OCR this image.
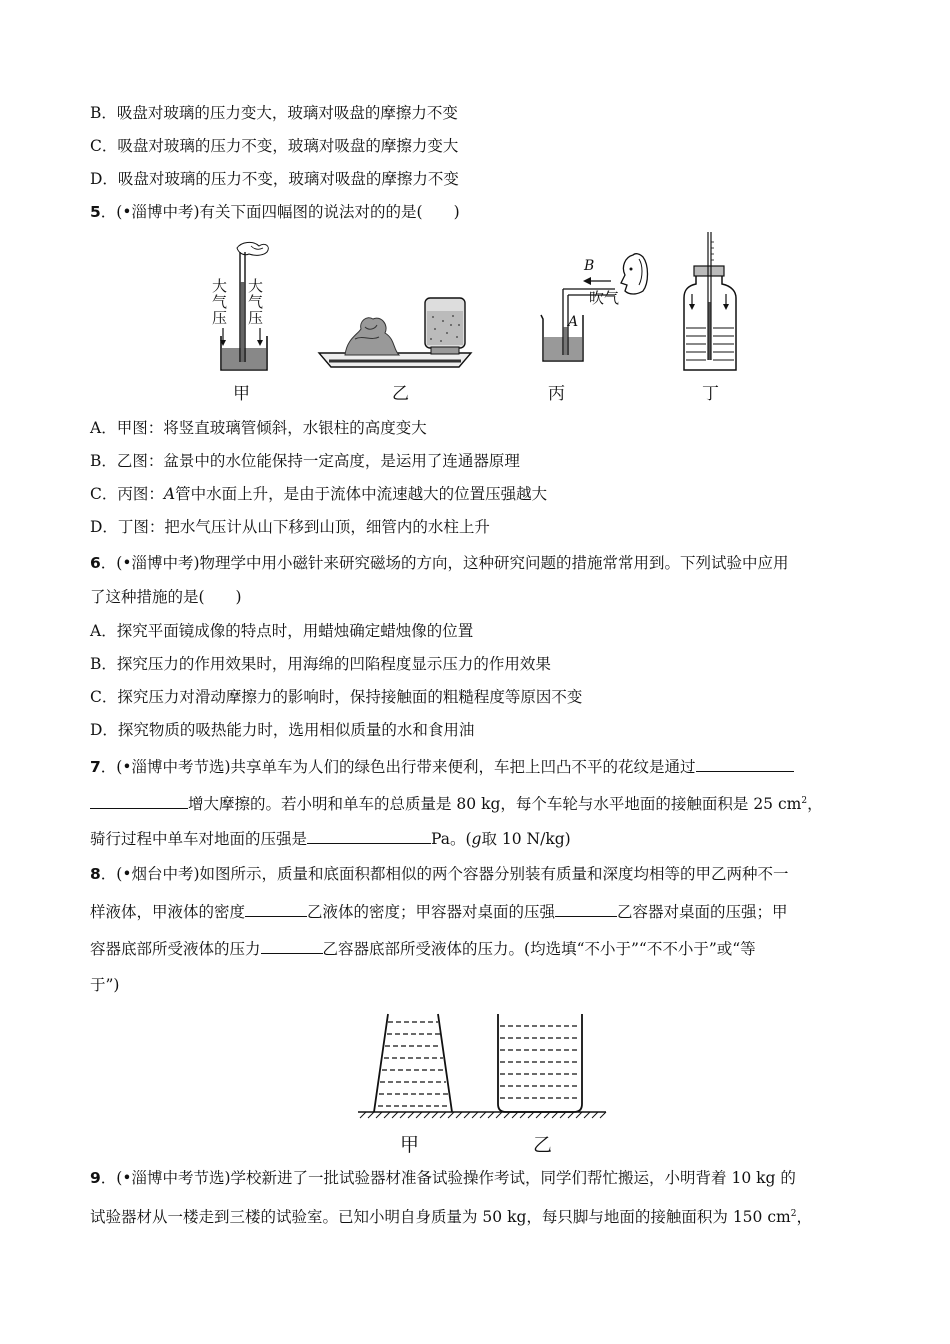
B．吸盘对玻璃的压力变大，玻璃对吸盘的摩擦力不变
C．吸盘对玻璃的压力不变，玻璃对吸盘的摩擦力变大
D．吸盘对玻璃的压力不变，玻璃对吸盘的摩擦力不变
5．(•淄博中考)有关下面四幅图的说法对的的是(　　)
大气压
大气压
B
A
吹气
甲	乙	丙	丁
A．甲图：将竖直玻璃管倾斜，水银柱的高度变大
B．乙图：盆景中的水位能保持一定高度，是运用了连通器原理
C．丙图：A管中水面上升，是由于流体中流速越大的位置压强越大
D．丁图：把水气压计从山下移到山顶，细管内的水柱上升
6．(•淄博中考)物理学中用小磁针来研究磁场的方向，这种研究问题的措施常常用到。下列试验中应用
了这种措施的是(　　)
A．探究平面镜成像的特点时，用蜡烛确定蜡烛像的位置
B．探究压力的作用效果时，用海绵的凹陷程度显示压力的作用效果
C．探究压力对滑动摩擦力的影响时，保持接触面的粗糙程度等原因不变
D．探究物质的吸热能力时，选用相似质量的水和食用油
7．(•淄博中考节选)共享单车为人们的绿色出行带来便利，车把上凹凸不平的花纹是通过
增大摩擦的。若小明和单车的总质量是 80 kg，每个车轮与水平地面的接触面积是 25 $cm^2$，
骑行过程中单车对地面的压强是	Pa。(g取 10 N/kg)
8．(•烟台中考)如图所示，质量和底面积都相似的两个容器分别装有质量和深度均相等的甲乙两种不一
样液体，甲液体的密度	乙液体的密度；甲容器对桌面的压强	乙容器对桌面的压强；甲
容器底部所受液体的压力	乙容器底部所受液体的压力。(均选填“不小于”“不不小于”或“等
于”)
甲	乙
9．(•淄博中考节选)学校新进了一批试验器材准备试验操作考试，同学们帮忙搬运，小明背着 10 kg 的
试验器材从一楼走到三楼的试验室。已知小明自身质量为 50 kg，每只脚与地面的接触面积为 150 $cm^2$，
